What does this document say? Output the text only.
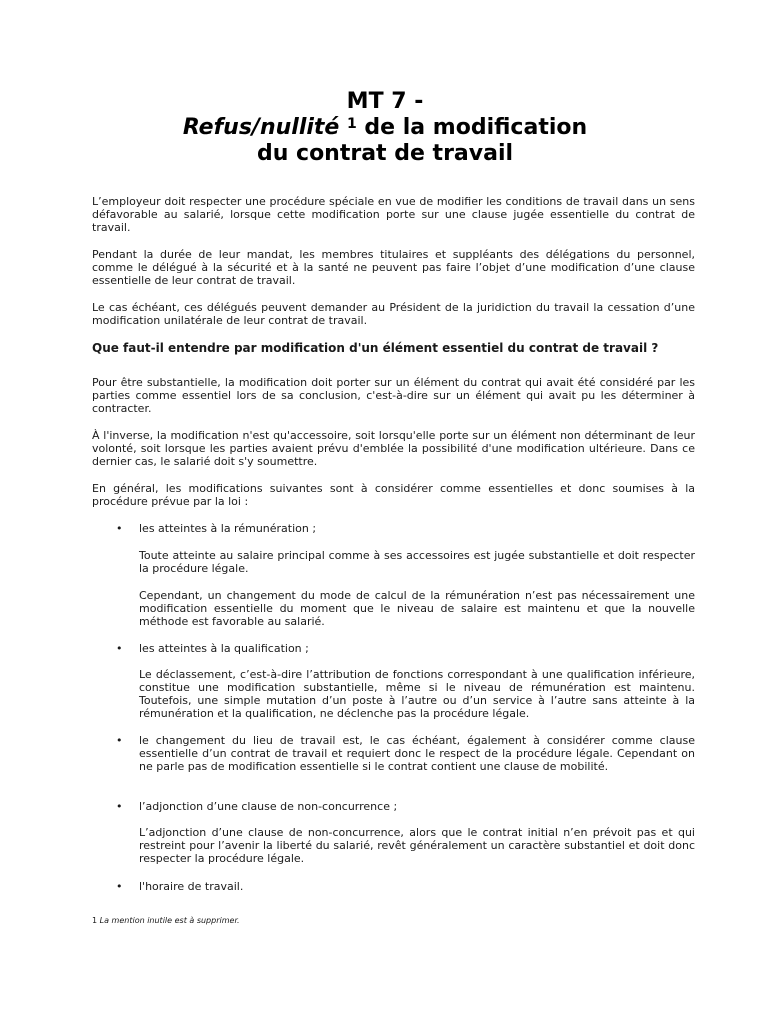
MT 7 -
Refus/nullité $^1$ de la modification
du contrat de travail
L’employeur doit respecter une procédure spéciale en vue de modifier les conditions de travail dans un sens défavorable au salarié, lorsque cette modification porte sur une clause jugée essentielle du contrat de travail.
Pendant la durée de leur mandat, les membres titulaires et suppléants des délégations du personnel, comme le délégué à la sécurité et à la santé ne peuvent pas faire l’objet d’une modification d’une clause essentielle de leur contrat de travail.
Le cas échéant, ces délégués peuvent demander au Président de la juridiction du travail la cessation d’une modification unilatérale de leur contrat de travail.
Que faut-il entendre par modification d'un élément essentiel du contrat de travail ?
Pour être substantielle, la modification doit porter sur un élément du contrat qui avait été considéré par les parties comme essentiel lors de sa conclusion, c'est-à-dire sur un élément qui avait pu les déterminer à contracter.
À l'inverse, la modification n'est qu'accessoire, soit lorsqu'elle porte sur un élément non déterminant de leur volonté, soit lorsque les parties avaient prévu d'emblée la possibilité d'une modification ultérieure. Dans ce dernier cas, le salarié doit s'y soumettre.
En général, les modifications suivantes sont à considérer comme essentielles et donc soumises à la procédure prévue par la loi :
• les atteintes à la rémunération ;
Toute atteinte au salaire principal comme à ses accessoires est jugée substantielle et doit respecter la procédure légale.
Cependant, un changement du mode de calcul de la rémunération n’est pas nécessairement une modification essentielle du moment que le niveau de salaire est maintenu et que la nouvelle méthode est favorable au salarié.
• les atteintes à la qualification ;
Le déclassement, c’est-à-dire l’attribution de fonctions correspondant à une qualification inférieure, constitue une modification substantielle, même si le niveau de rémunération est maintenu. Toutefois, une simple mutation d’un poste à l’autre ou d’un service à l’autre sans atteinte à la rémunération et la qualification, ne déclenche pas la procédure légale.
• le changement du lieu de travail est, le cas échéant, également à considérer comme clause essentielle d’un contrat de travail et requiert donc le respect de la procédure légale. Cependant on ne parle pas de modification essentielle si le contrat contient une clause de mobilité.
• l’adjonction d’une clause de non-concurrence ;
L’adjonction d’une clause de non-concurrence, alors que le contrat initial n’en prévoit pas et qui restreint pour l’avenir la liberté du salarié, revêt généralement un caractère substantiel et doit donc respecter la procédure légale.
• l'horaire de travail.
1 La mention inutile est à supprimer.
